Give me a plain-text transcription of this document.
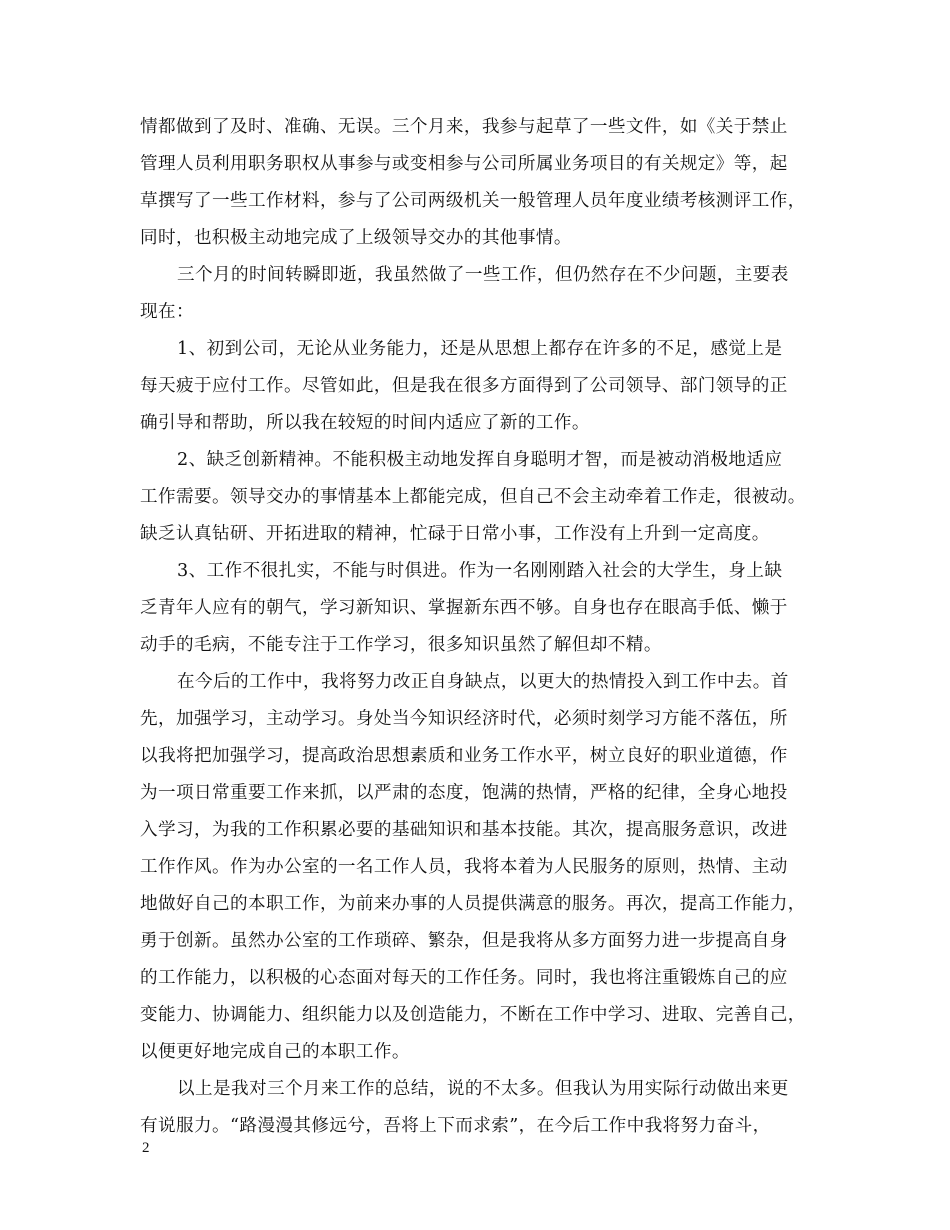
情都做到了及时、准确、无误。三个月来，我参与起草了一些文件，如《关于禁止
管理人员利用职务职权从事参与或变相参与公司所属业务项目的有关规定》等，起
草撰写了一些工作材料，参与了公司两级机关一般管理人员年度业绩考核测评工作，
同时，也积极主动地完成了上级领导交办的其他事情。
三个月的时间转瞬即逝，我虽然做了一些工作，但仍然存在不少问题，主要表
现在：
1、初到公司，无论从业务能力，还是从思想上都存在许多的不足，感觉上是
每天疲于应付工作。尽管如此，但是我在很多方面得到了公司领导、部门领导的正
确引导和帮助，所以我在较短的时间内适应了新的工作。
2、缺乏创新精神。不能积极主动地发挥自身聪明才智，而是被动消极地适应
工作需要。领导交办的事情基本上都能完成，但自己不会主动牵着工作走，很被动。
缺乏认真钻研、开拓进取的精神，忙碌于日常小事，工作没有上升到一定高度。
3、工作不很扎实，不能与时俱进。作为一名刚刚踏入社会的大学生，身上缺
乏青年人应有的朝气，学习新知识、掌握新东西不够。自身也存在眼高手低、懒于
动手的毛病，不能专注于工作学习，很多知识虽然了解但却不精。
在今后的工作中，我将努力改正自身缺点，以更大的热情投入到工作中去。首
先，加强学习，主动学习。身处当今知识经济时代，必须时刻学习方能不落伍，所
以我将把加强学习，提高政治思想素质和业务工作水平，树立良好的职业道德，作
为一项日常重要工作来抓，以严肃的态度，饱满的热情，严格的纪律，全身心地投
入学习，为我的工作积累必要的基础知识和基本技能。其次，提高服务意识，改进
工作作风。作为办公室的一名工作人员，我将本着为人民服务的原则，热情、主动
地做好自己的本职工作，为前来办事的人员提供满意的服务。再次，提高工作能力，
勇于创新。虽然办公室的工作琐碎、繁杂，但是我将从多方面努力进一步提高自身
的工作能力，以积极的心态面对每天的工作任务。同时，我也将注重锻炼自己的应
变能力、协调能力、组织能力以及创造能力，不断在工作中学习、进取、完善自己，
以便更好地完成自己的本职工作。
以上是我对三个月来工作的总结，说的不太多。但我认为用实际行动做出来更
有说服力。“路漫漫其修远兮，吾将上下而求索”，在今后工作中我将努力奋斗，
2
